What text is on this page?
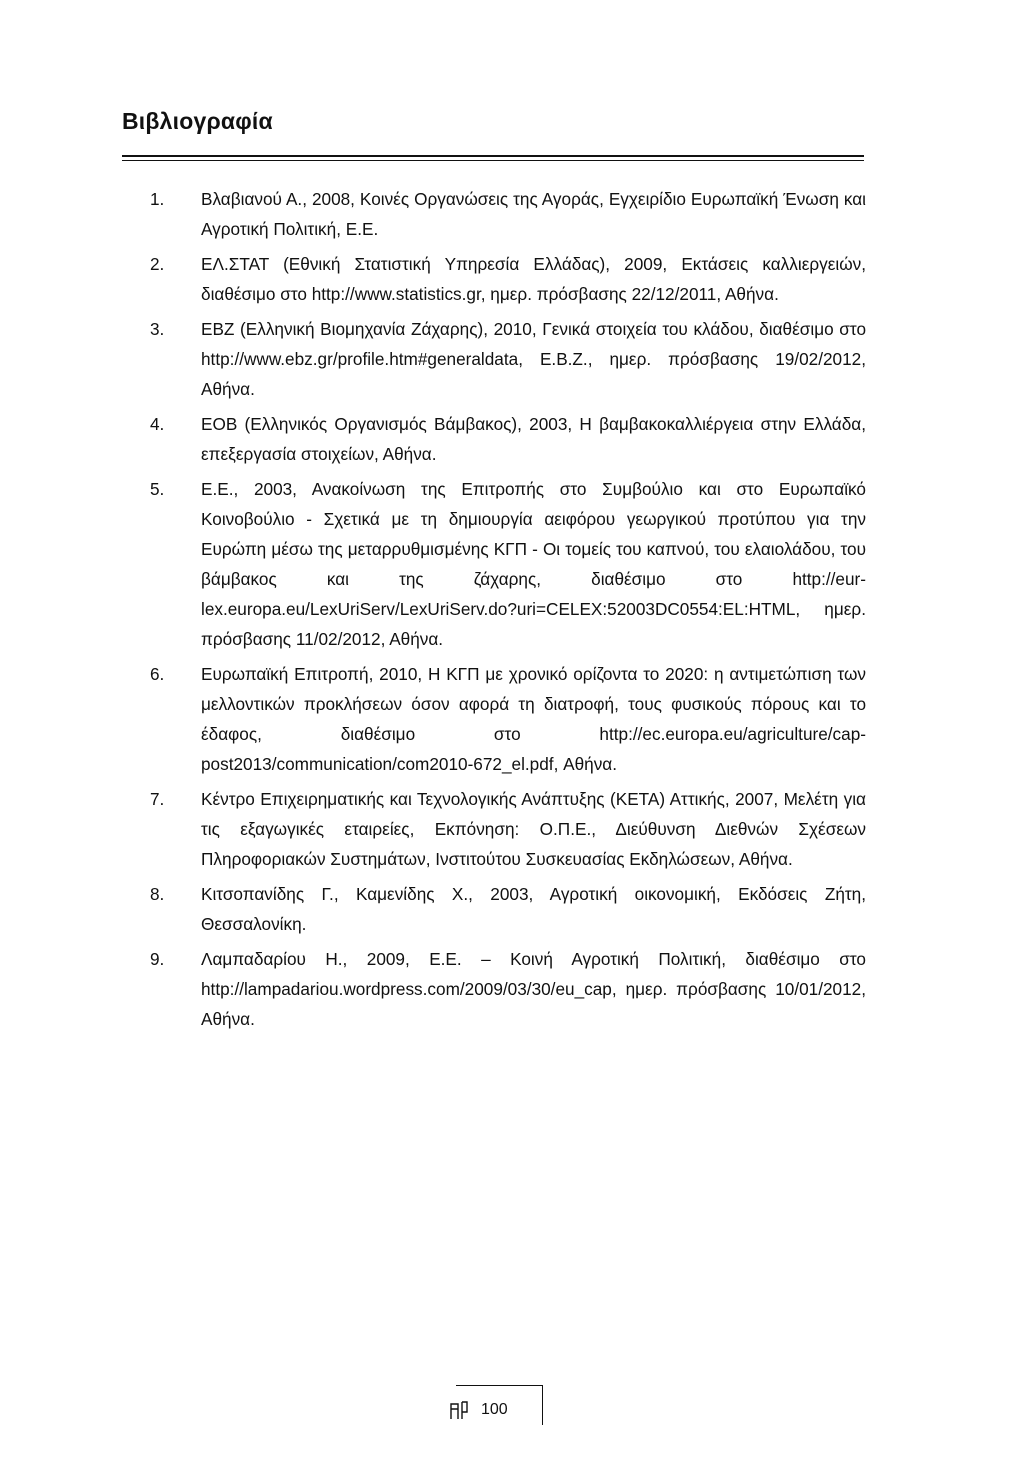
Βιβλιογραφία
1.	Βλαβιανού Α., 2008, Κοινές Οργανώσεις της Αγοράς, Εγχειρίδιο Ευρωπαϊκή Ένωση και Αγροτική Πολιτική, Ε.Ε.
2.	ΕΛ.ΣΤΑΤ (Εθνική Στατιστική Υπηρεσία Ελλάδας), 2009, Εκτάσεις καλλιεργειών, διαθέσιμο στο http://www.statistics.gr, ημερ. πρόσβασης 22/12/2011, Αθήνα.
3.	ΕΒΖ (Ελληνική Βιομηχανία Ζάχαρης), 2010, Γενικά στοιχεία του κλάδου, διαθέσιμο στο http://www.ebz.gr/profile.htm#generaldata, Ε.Β.Ζ., ημερ. πρόσβασης 19/02/2012, Αθήνα.
4.	ΕΟΒ (Ελληνικός Οργανισμός Βάμβακος), 2003, Η βαμβακοκαλλιέργεια στην Ελλάδα, επεξεργασία στοιχείων, Αθήνα.
5.	Ε.Ε., 2003, Ανακοίνωση της Επιτροπής στο Συμβούλιο και στο Ευρωπαϊκό Κοινοβούλιο - Σχετικά με τη δημιουργία αειφόρου γεωργικού προτύπου για την Ευρώπη μέσω της μεταρρυθμισμένης ΚΓΠ - Οι τομείς του καπνού, του ελαιολάδου, του βάμβακος και της ζάχαρης, διαθέσιμο στο http://eur-lex.europa.eu/LexUriServ/LexUriServ.do?uri=CELEX:52003DC0554:EL:HTML, ημερ. πρόσβασης 11/02/2012, Αθήνα.
6.	Ευρωπαϊκή Επιτροπή, 2010, Η ΚΓΠ με χρονικό ορίζοντα το 2020: η αντιμετώπιση των μελλοντικών προκλήσεων όσον αφορά τη διατροφή, τους φυσικούς πόρους και το έδαφος, διαθέσιμο στο http://ec.europa.eu/agriculture/cap-post2013/communication/com2010-672_el.pdf, Αθήνα.
7.	Κέντρο Επιχειρηματικής και Τεχνολογικής Ανάπτυξης (ΚΕΤΑ) Αττικής, 2007, Μελέτη για τις εξαγωγικές εταιρείες, Εκπόνηση: Ο.Π.Ε., Διεύθυνση Διεθνών Σχέσεων Πληροφοριακών Συστημάτων, Ινστιτούτου Συσκευασίας Εκδηλώσεων, Αθήνα.
8.	Κιτσοπανίδης Γ., Καμενίδης Χ., 2003, Αγροτική οικονομική, Εκδόσεις Ζήτη, Θεσσαλονίκη.
9.	Λαμπαδαρίου Η., 2009, Ε.Ε. – Κοινή Αγροτική Πολιτική, διαθέσιμο στο http://lampadariou.wordpress.com/2009/03/30/eu_cap, ημερ. πρόσβασης 10/01/2012, Αθήνα.
100
